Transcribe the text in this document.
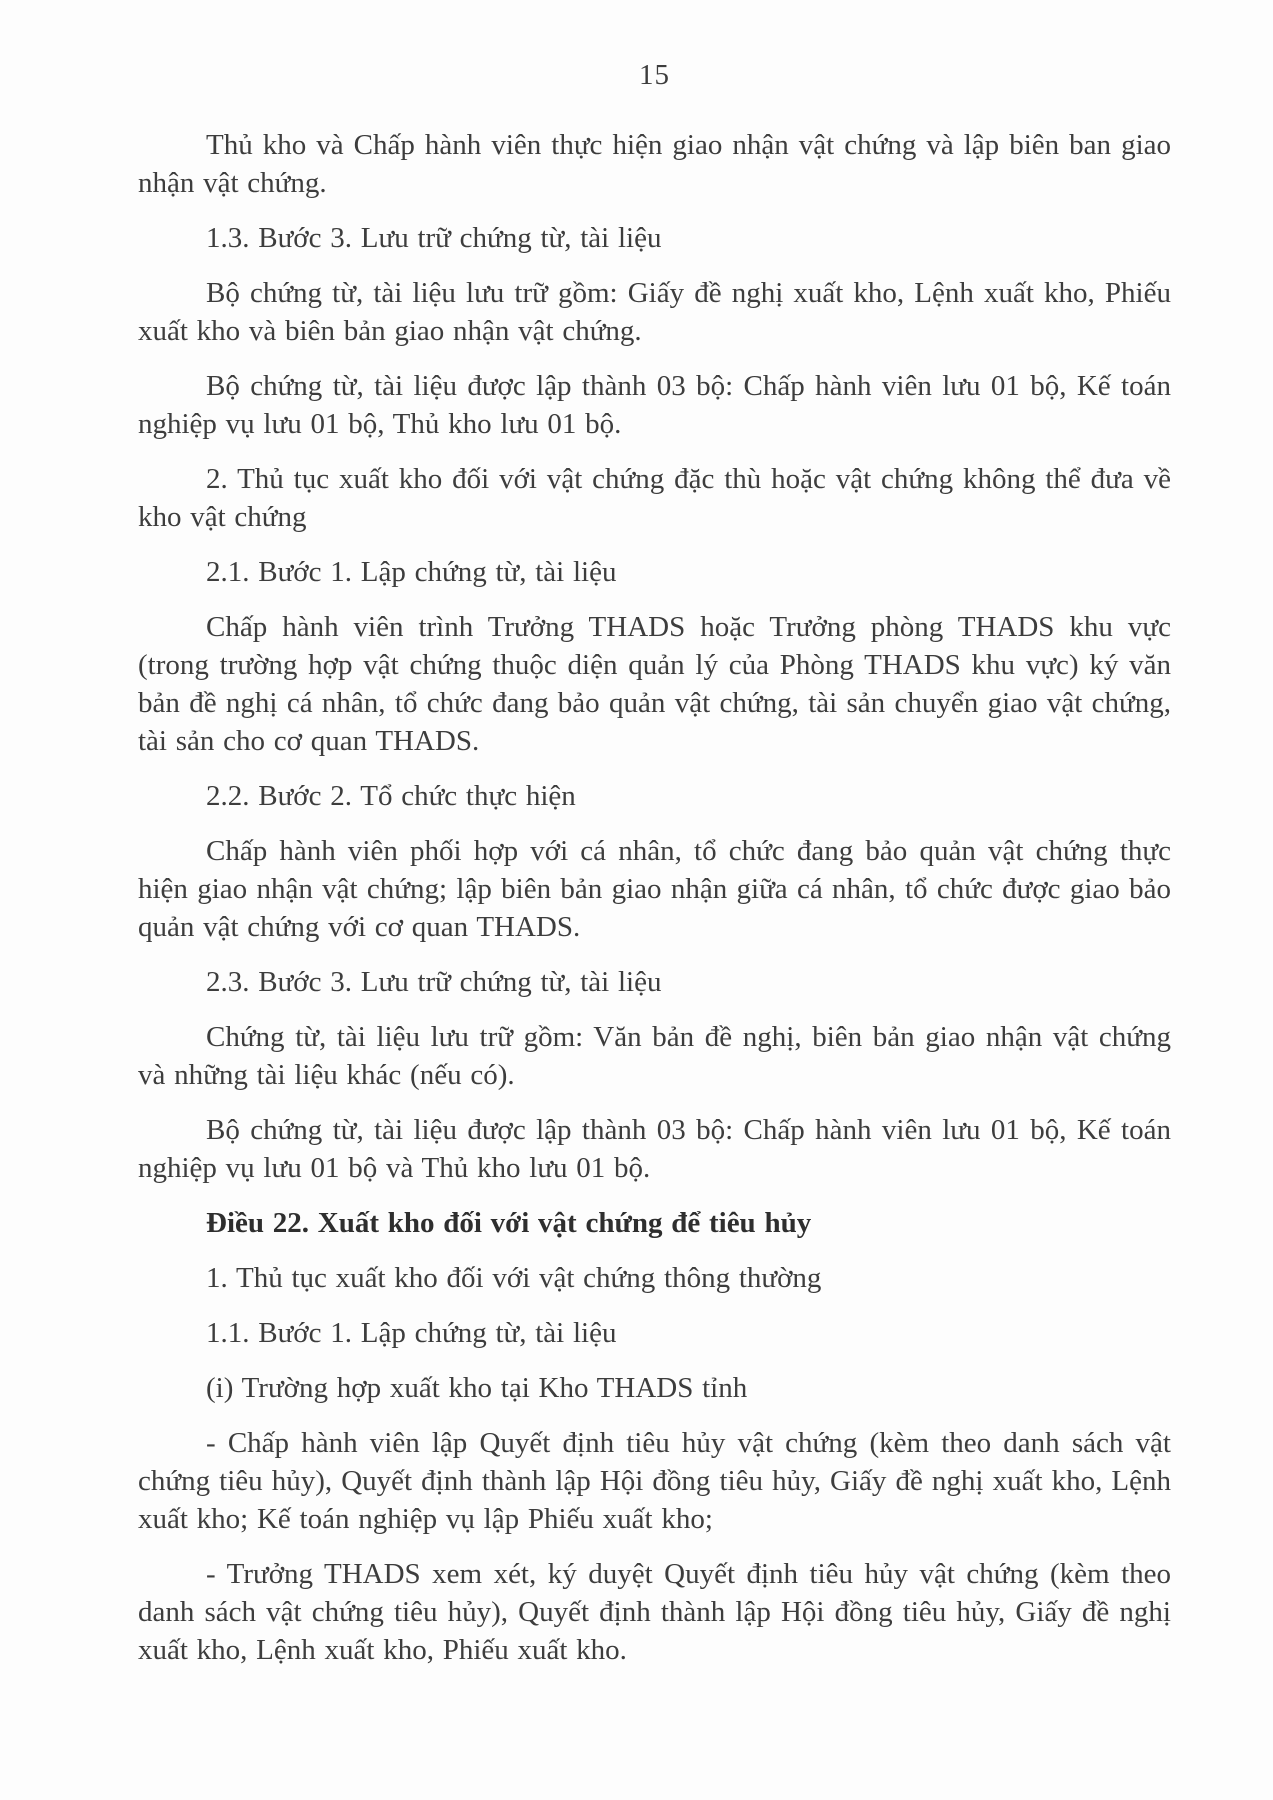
15

Thủ kho và Chấp hành viên thực hiện giao nhận vật chứng và lập biên ban giao nhận vật chứng.

1.3. Bước 3. Lưu trữ chứng từ, tài liệu

Bộ chứng từ, tài liệu lưu trữ gồm: Giấy đề nghị xuất kho, Lệnh xuất kho, Phiếu xuất kho và biên bản giao nhận vật chứng.

Bộ chứng từ, tài liệu được lập thành 03 bộ: Chấp hành viên lưu 01 bộ, Kế toán nghiệp vụ lưu 01 bộ, Thủ kho lưu 01 bộ.

2. Thủ tục xuất kho đối với vật chứng đặc thù hoặc vật chứng không thể đưa về kho vật chứng

2.1. Bước 1. Lập chứng từ, tài liệu

Chấp hành viên trình Trưởng THADS hoặc Trưởng phòng THADS khu vực (trong trường hợp vật chứng thuộc diện quản lý của Phòng THADS khu vực) ký văn bản đề nghị cá nhân, tổ chức đang bảo quản vật chứng, tài sản chuyển giao vật chứng, tài sản cho cơ quan THADS.

2.2. Bước 2. Tổ chức thực hiện

Chấp hành viên phối hợp với cá nhân, tổ chức đang bảo quản vật chứng thực hiện giao nhận vật chứng; lập biên bản giao nhận giữa cá nhân, tổ chức được giao bảo quản vật chứng với cơ quan THADS.

2.3. Bước 3. Lưu trữ chứng từ, tài liệu

Chứng từ, tài liệu lưu trữ gồm: Văn bản đề nghị, biên bản giao nhận vật chứng và những tài liệu khác (nếu có).

Bộ chứng từ, tài liệu được lập thành 03 bộ: Chấp hành viên lưu 01 bộ, Kế toán nghiệp vụ lưu 01 bộ và Thủ kho lưu 01 bộ.

Điều 22. Xuất kho đối với vật chứng để tiêu hủy

1. Thủ tục xuất kho đối với vật chứng thông thường

1.1. Bước 1. Lập chứng từ, tài liệu

(i) Trường hợp xuất kho tại Kho THADS tỉnh

- Chấp hành viên lập Quyết định tiêu hủy vật chứng (kèm theo danh sách vật chứng tiêu hủy), Quyết định thành lập Hội đồng tiêu hủy, Giấy đề nghị xuất kho, Lệnh xuất kho; Kế toán nghiệp vụ lập Phiếu xuất kho;

- Trưởng THADS xem xét, ký duyệt Quyết định tiêu hủy vật chứng (kèm theo danh sách vật chứng tiêu hủy), Quyết định thành lập Hội đồng tiêu hủy, Giấy đề nghị xuất kho, Lệnh xuất kho, Phiếu xuất kho.
